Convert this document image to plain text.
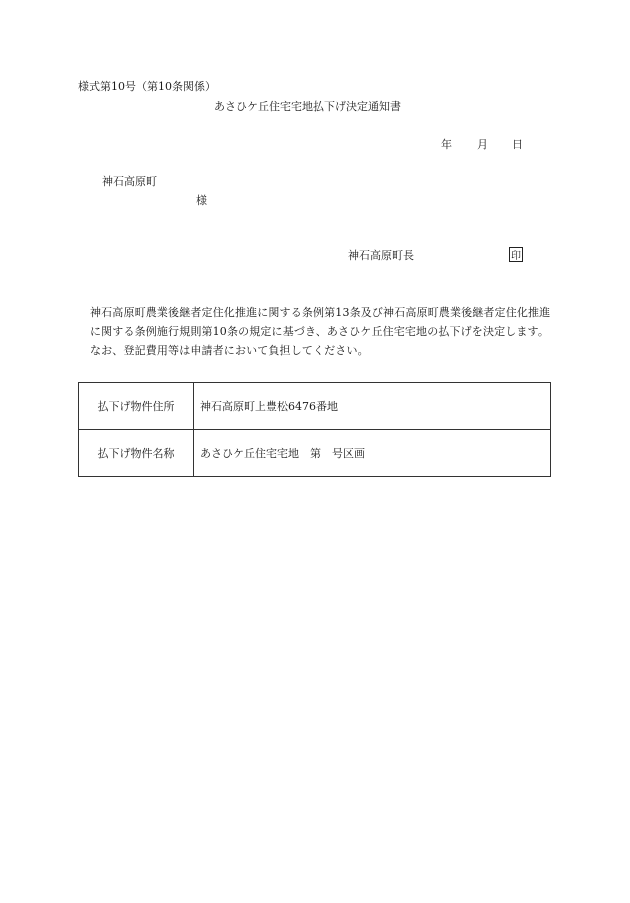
様式第10号（第10条関係）
あさひケ丘住宅宅地払下げ決定通知書
年 月 日
神石高原町
様
神石高原町長	印

神石高原町農業後継者定住化推進に関する条例第13条及び神石高原町農業後継者定住化推進に関する条例施行規則第10条の規定に基づき、あさひケ丘住宅宅地の払下げを決定します。

なお、登記費用等は申請者において負担してください。

払下げ物件住所	神石高原町上豊松6476番地
払下げ物件名称	あさひケ丘住宅宅地　第　号区画
